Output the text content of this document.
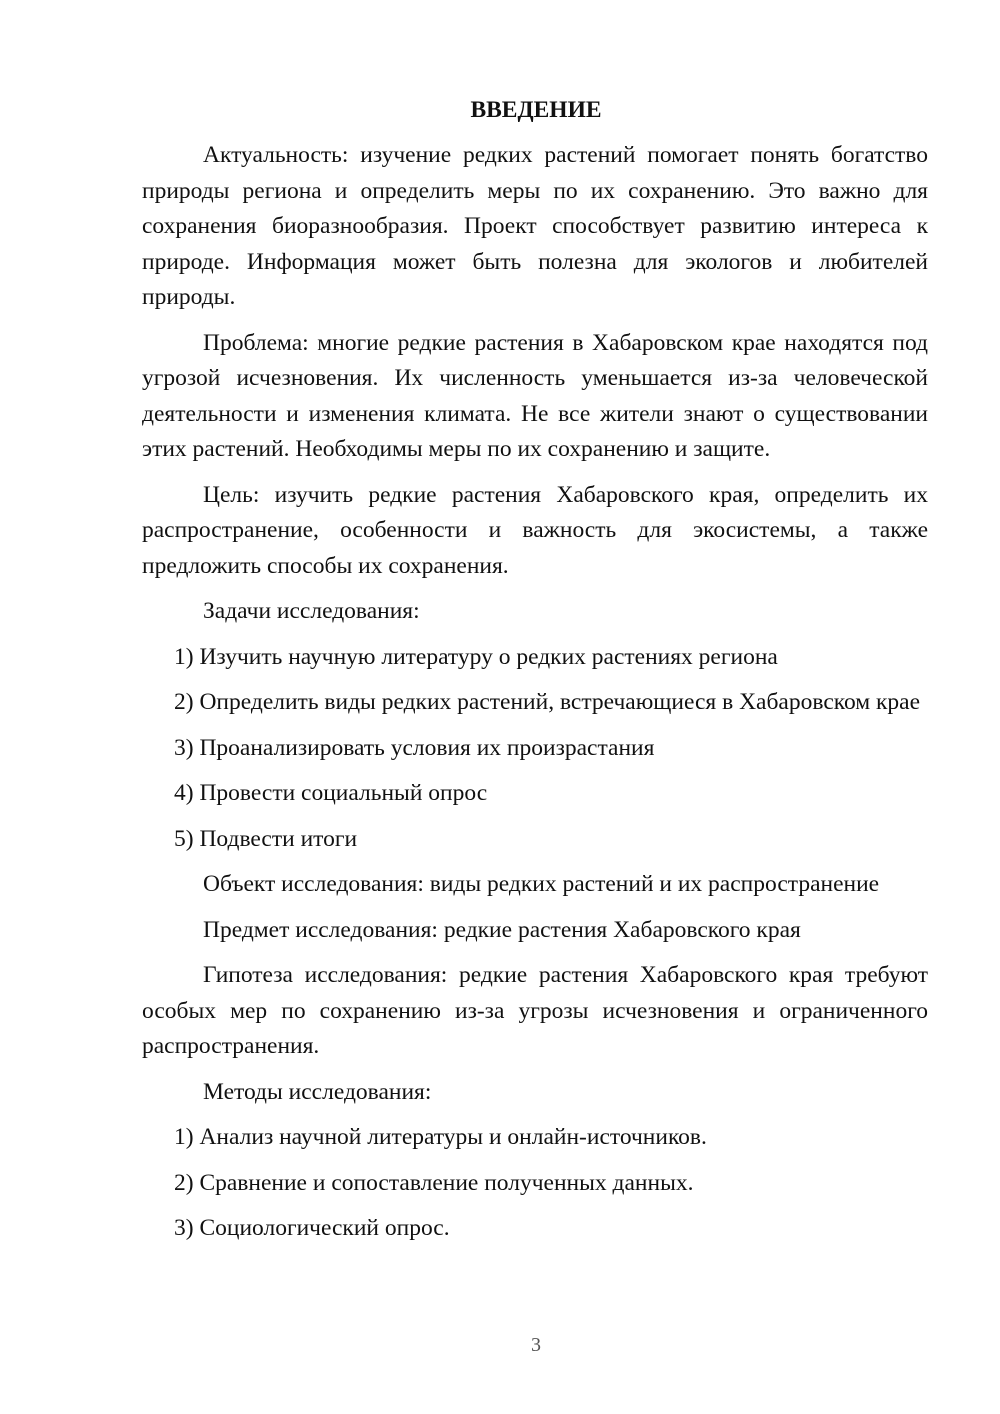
ВВЕДЕНИЕ

Актуальность: изучение редких растений помогает понять богатство природы региона и определить меры по их сохранению. Это важно для сохранения биоразнообразия. Проект способствует развитию интереса к природе. Информация может быть полезна для экологов и любителей природы.

Проблема: многие редкие растения в Хабаровском крае находятся под угрозой исчезновения. Их численность уменьшается из-за человеческой деятельности и изменения климата. Не все жители знают о существовании этих растений. Необходимы меры по их сохранению и защите.

Цель: изучить редкие растения Хабаровского края, определить их распространение, особенности и важность для экосистемы, а также предложить способы их сохранения.

Задачи исследования:

1) Изучить научную литературу о редких растениях региона

2) Определить виды редких растений, встречающиеся в Хабаровском крае

3) Проанализировать условия их произрастания

4) Провести социальный опрос

5) Подвести итоги

Объект исследования: виды редких растений и их распространение

Предмет исследования: редкие растения Хабаровского края

Гипотеза исследования: редкие растения Хабаровского края требуют особых мер по сохранению из-за угрозы исчезновения и ограниченного распространения.

Методы исследования:

1) Анализ научной литературы и онлайн-источников.

2) Сравнение и сопоставление полученных данных.

3) Социологический опрос.

3
